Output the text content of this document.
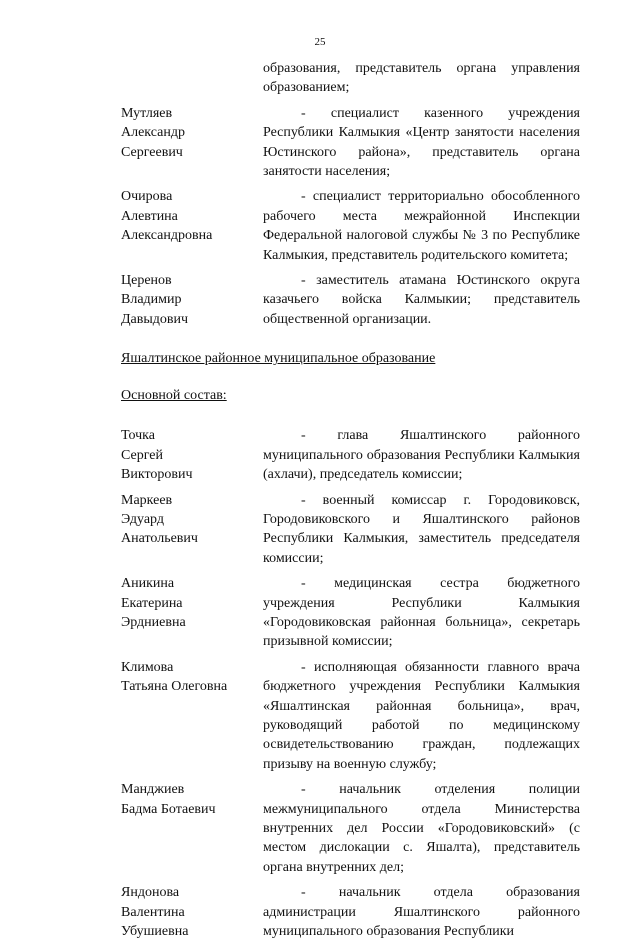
25
образования, представитель органа управления образованием;
Мутляев
Александр
Сергеевич
- специалист казенного учреждения Республики Калмыкия «Центр занятости населения Юстинского района», представитель органа занятости населения;
Очирова
Алевтина
Александровна
- специалист территориально обособленного рабочего места межрайонной Инспекции Федеральной налоговой службы № 3 по Республике Калмыкия, представитель родительского комитета;
Церенов
Владимир
Давыдович
- заместитель атамана Юстинского округа казачьего войска Калмыкии; представитель общественной организации.
Яшалтинское районное муниципальное образование
Основной состав:
Точка
Сергей
Викторович
- глава Яшалтинского районного муниципального образования Республики Калмыкия (ахлачи), председатель комиссии;
Маркеев
Эдуард
Анатольевич
- военный комиссар г. Городовиковск, Городовиковского и Яшалтинского районов Республики Калмыкия, заместитель председателя комиссии;
Аникина
Екатерина
Эрдниевна
- медицинская сестра бюджетного учреждения Республики Калмыкия «Городовиковская районная больница», секретарь призывной комиссии;
Климова
Татьяна Олеговна
- исполняющая обязанности главного врача бюджетного учреждения Республики Калмыкия «Яшалтинская районная больница», врач, руководящий работой по медицинскому освидетельствованию граждан, подлежащих призыву на военную службу;
Манджиев
Бадма Ботаевич
- начальник отделения полиции межмуниципального отдела Министерства внутренних дел России «Городовиковский» (с местом дислокации с. Яшалта), представитель органа внутренних дел;
Яндонова
Валентина
Убушиевна
- начальник отдела образования администрации Яшалтинского районного муниципального образования Республики
